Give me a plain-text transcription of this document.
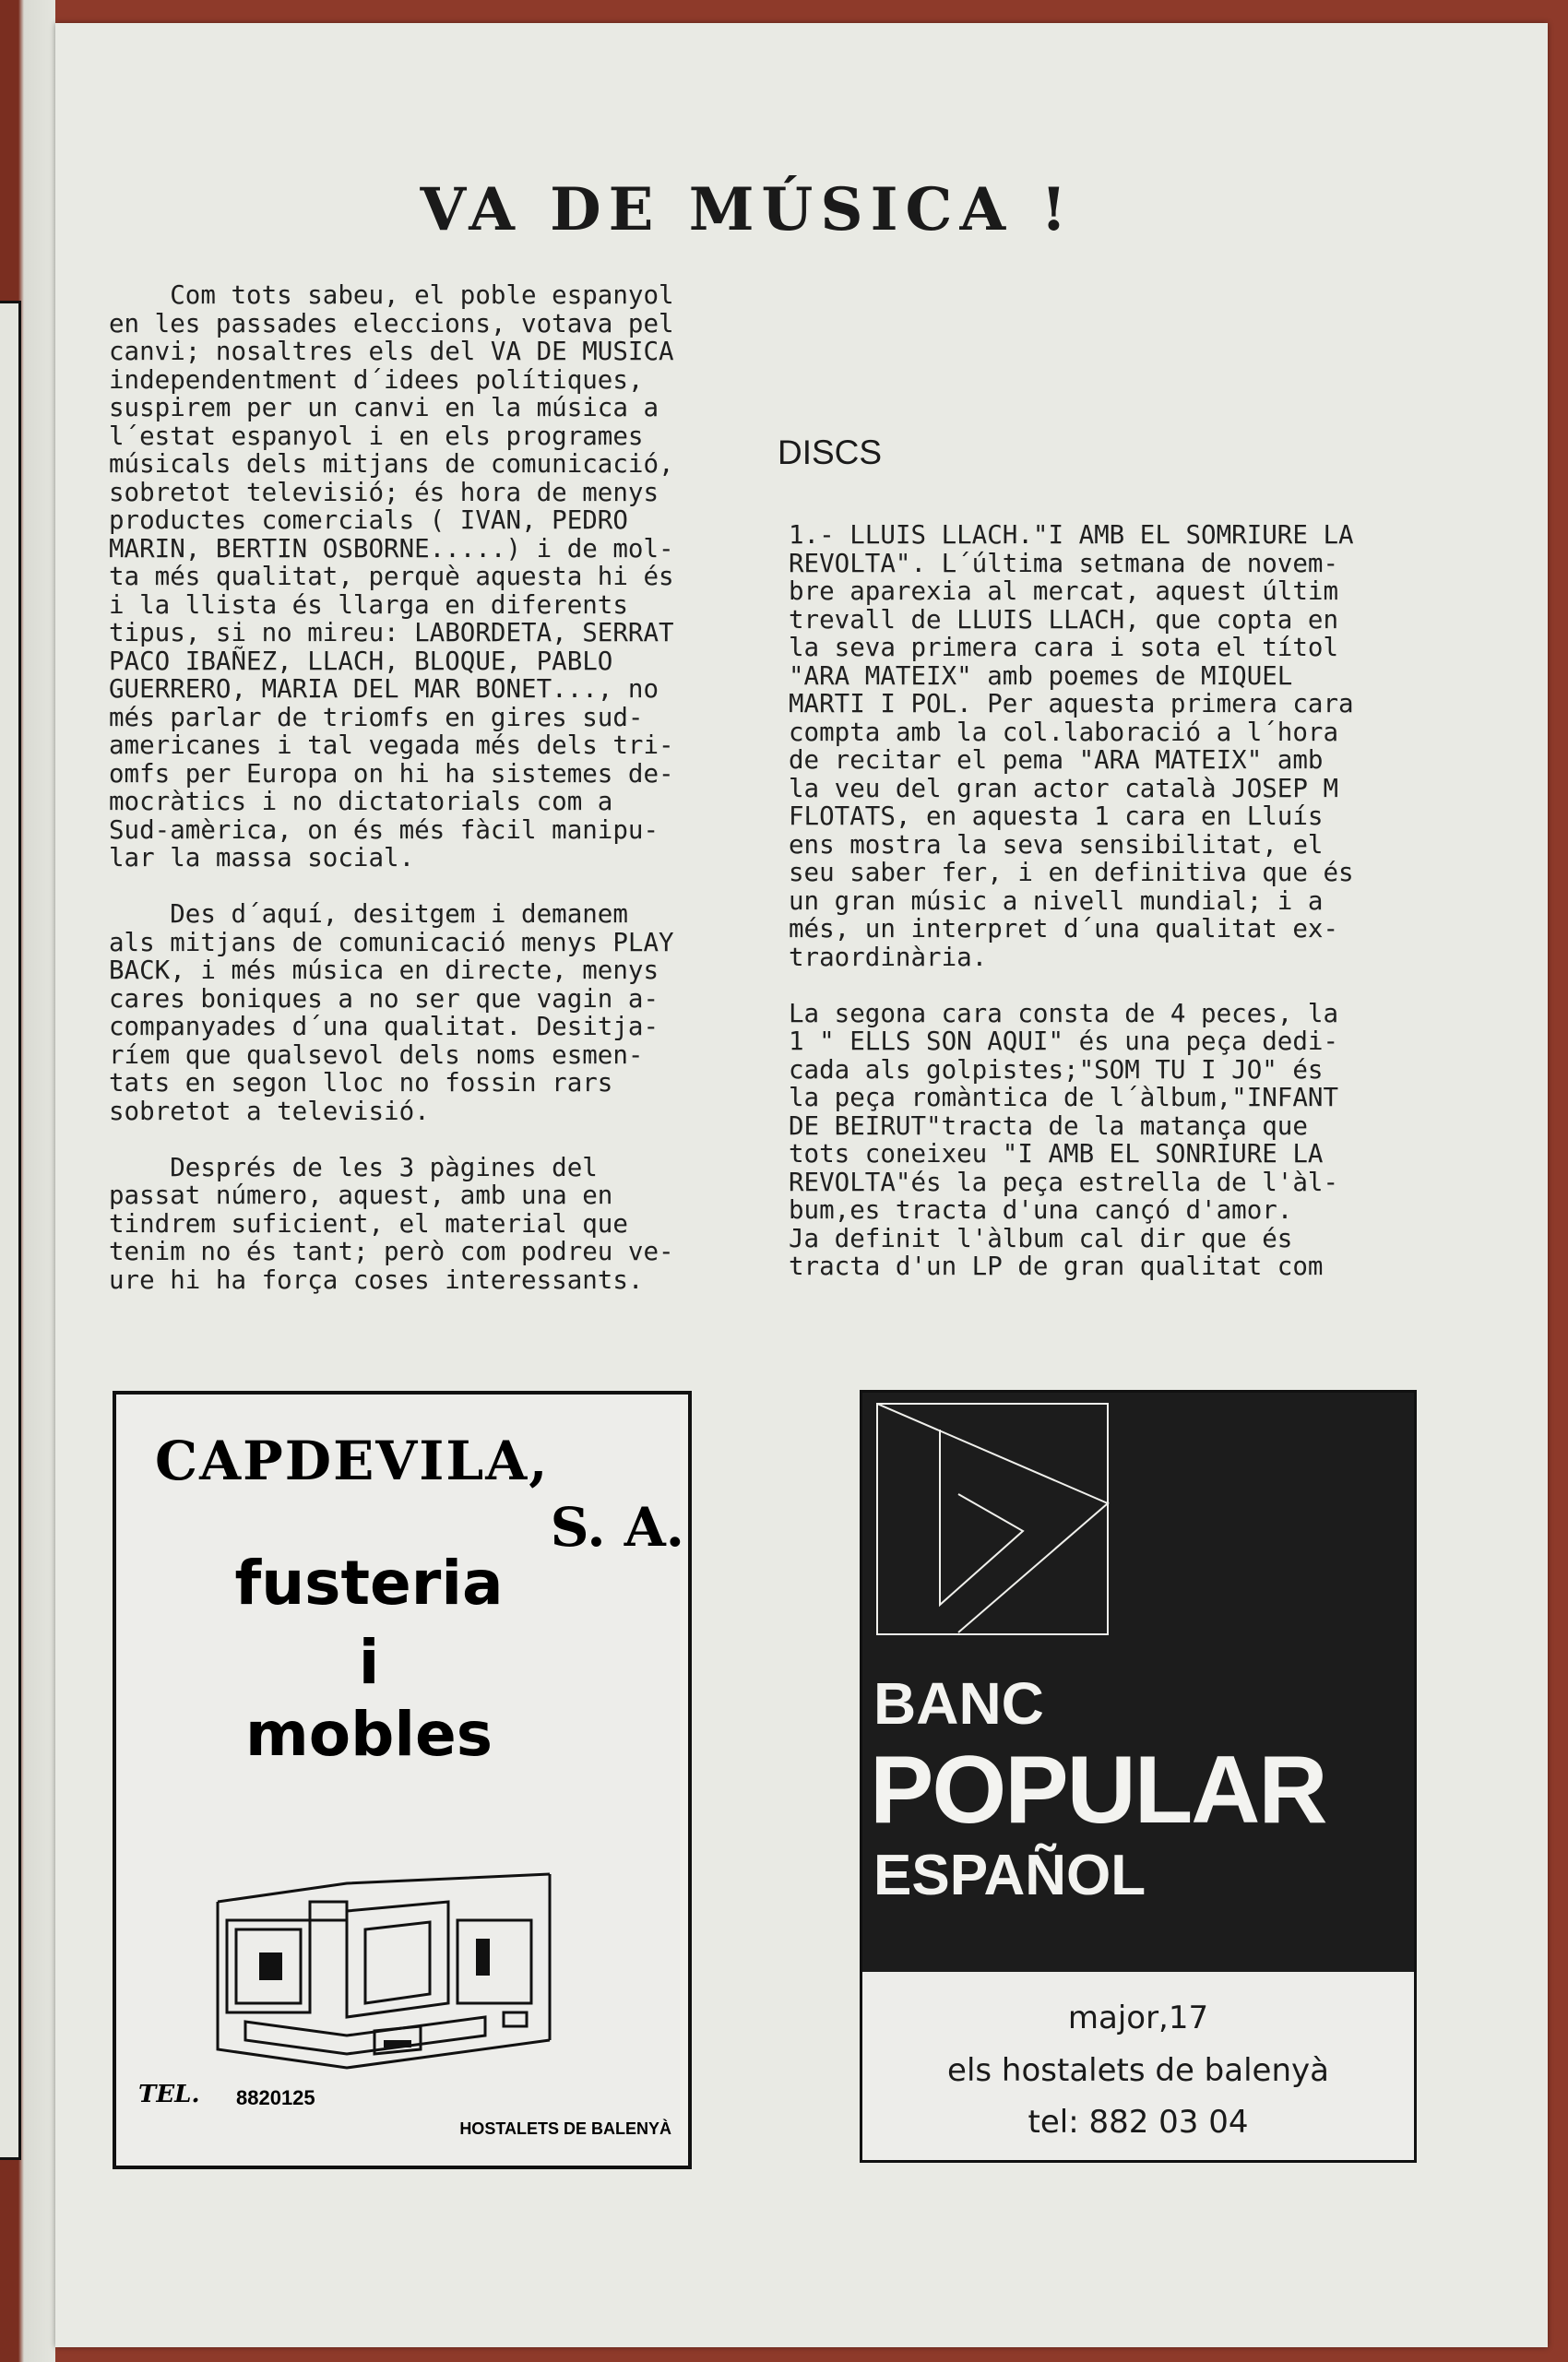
VA DE MÚSICA !
Com tots sabeu, el poble espanyol
en les passades eleccions, votava pel
canvi; nosaltres els del VA DE MUSICA
independentment d´idees polítiques,
suspirem per un canvi en la música a
l´estat espanyol i en els programes
músicals dels mitjans de comunicació,
sobretot televisió; és hora de menys
productes comercials ( IVAN, PEDRO
MARIN, BERTIN OSBORNE.....) i de mol-
ta més qualitat, perquè aquesta hi és
i la llista és llarga en diferents
tipus, si no mireu: LABORDETA, SERRAT
PACO IBAÑEZ, LLACH, BLOQUE, PABLO
GUERRERO, MARIA DEL MAR BONET..., no
més parlar de triomfs en gires sud-
americanes i tal vegada més dels tri-
omfs per Europa on hi ha sistemes de-
mocràtics i no dictatorials com a
Sud-amèrica, on és més fàcil manipu-
lar la massa social.

Des d´aquí, desitgem i demanem
als mitjans de comunicació menys PLAY
BACK, i més música en directe, menys
cares boniques a no ser que vagin a-
companyades d´una qualitat. Desitja-
ríem que qualsevol dels noms esmen-
tats en segon lloc no fossin rars
sobretot a televisió.

Després de les 3 pàgines del
passat número, aquest, amb una en
tindrem suficient, el material que
tenim no és tant; però com podreu ve-
ure hi ha força coses interessants.
DISCS
1.- LLUIS LLACH."I AMB EL SOMRIURE LA
REVOLTA". L´última setmana de novem-
bre aparexia al mercat, aquest últim
trevall de LLUIS LLACH, que copta en
la seva primera cara i sota el títol
"ARA MATEIX" amb poemes de MIQUEL
MARTI I POL. Per aquesta primera cara
compta amb la col.laboració a l´hora
de recitar el pema "ARA MATEIX" amb
la veu del gran actor català JOSEP M
FLOTATS, en aquesta 1 cara en Lluís
ens mostra la seva sensibilitat, el
seu saber fer, i en definitiva que és
un gran músic a nivell mundial; i a
més, un interpret d´una qualitat ex-
traordinària.

La segona cara consta de 4 peces, la
1 " ELLS SON AQUI" és una peça dedi-
cada als golpistes;"SOM TU I JO" és
la peça romàntica de l´àlbum,"INFANT
DE BEIRUT"tracta de la matança que
tots coneixeu "I AMB EL SONRIURE LA
REVOLTA"és la peça estrella de l'àl-
bum,es tracta d'una cançó d'amor.
Ja definit l'àlbum cal dir que és
tracta d'un LP de gran qualitat com
CAPDEVILA,
S. A.
fusteria
i
mobles
TEL. 8820125
HOSTALETS DE BALENYÀ
BANC
POPULAR
ESPAÑOL
major,17
els hostalets de balenyà
tel: 882 03 04
